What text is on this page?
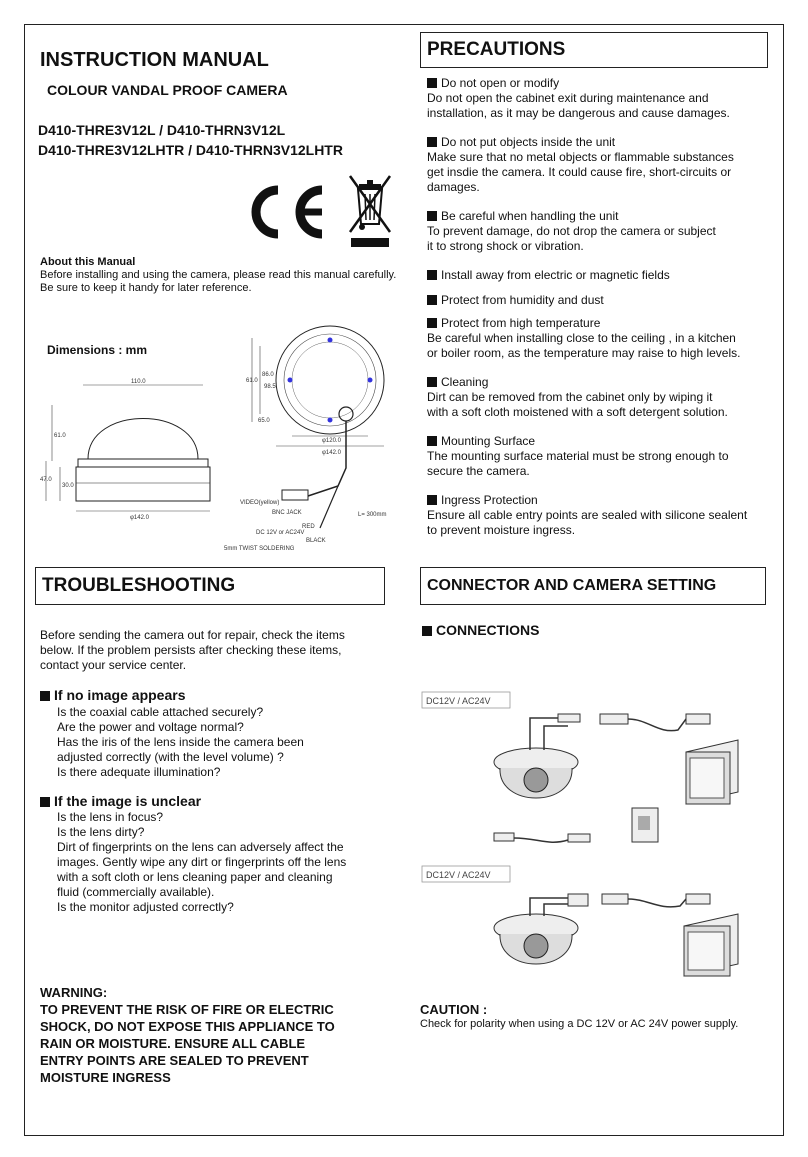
INSTRUCTION MANUAL
COLOUR VANDAL PROOF CAMERA
D410-THRE3V12L / D410-THRN3V12L
D410-THRE3V12LHTR / D410-THRN3V12LHTR
About this Manual
Before installing and using the camera, please read this manual carefully.
Be sure to keep it handy for later reference.
Dimensions : mm
110.0
61.0
47.0
30.0
φ142.0
61.0
86.0
98.5
65.0
φ120.0
φ142.0
VIDEO(yellow)
BNC JACK	L= 300mm
DC 12V or AC24V
RED
BLACK
5mm TWIST SOLDERING
PRECAUTIONS
Do not open or modify
Do not open the cabinet exit during maintenance and
installation, as it may be dangerous and cause damages.
Do not put objects inside the unit
Make sure that no metal objects or flammable substances
get insdie the camera. It could cause fire, short-circuits or
damages.
Be careful when handling the unit
To prevent damage, do not drop the camera or subject
it to strong shock or vibration.
Install away from electric or magnetic fields
Protect from humidity and dust
Protect from high temperature
Be careful when installing close to the ceiling , in a kitchen
or boiler room, as the temperature may raise to high levels.
Cleaning
Dirt can be removed from the cabinet only by wiping it
with a soft cloth moistened with a soft detergent solution.
Mounting Surface
The mounting surface material must be strong enough to
secure the camera.
Ingress Protection
Ensure all cable entry points are sealed with silicone sealent
to prevent moisture ingress.
TROUBLESHOOTING
Before sending the camera out for repair, check the items
below. If the problem persists after checking these items,
contact your service center.
If no image appears
Is the coaxial cable attached securely?
Are the power and voltage normal?
Has the iris of the lens inside the camera been
adjusted correctly (with the level volume) ?
Is there adequate illumination?
If the image is unclear
Is the lens in focus?
Is the lens dirty?
Dirt of fingerprints on the lens can adversely affect the
images. Gently wipe any dirt or fingerprints off the lens
with a soft cloth or lens cleaning paper and cleaning
fluid (commercially available).
Is the monitor adjusted correctly?
WARNING:
TO PREVENT THE RISK OF FIRE OR ELECTRIC
SHOCK, DO NOT EXPOSE THIS APPLIANCE TO
RAIN OR MOISTURE. ENSURE ALL CABLE
ENTRY POINTS ARE SEALED TO PREVENT
MOISTURE INGRESS
CONNECTOR AND CAMERA SETTING
CONNECTIONS
DC12V / AC24V
DC12V / AC24V
CAUTION :
Check for polarity when using a DC 12V or AC 24V power supply.
